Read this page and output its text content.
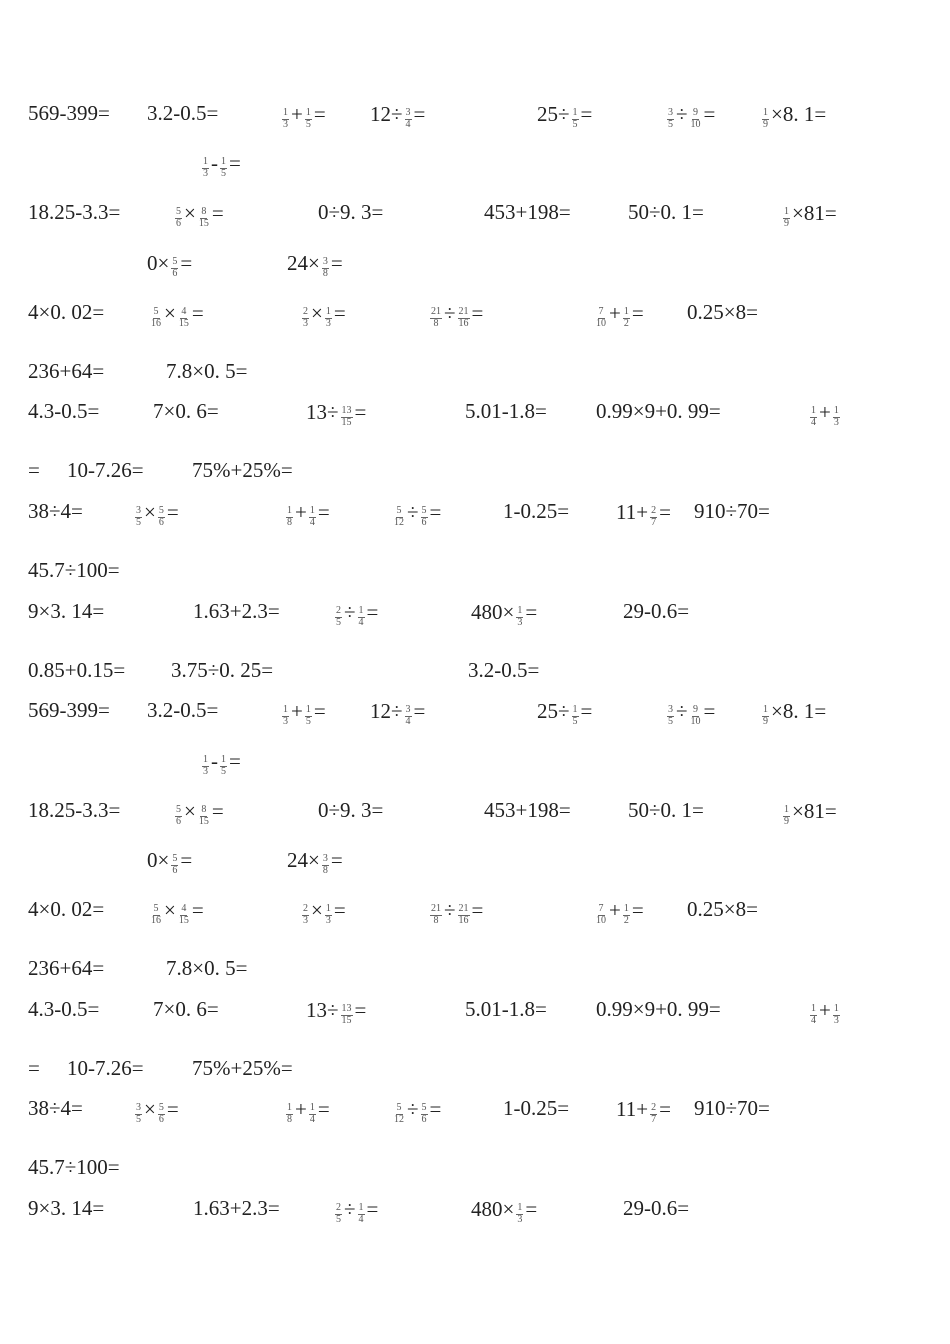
569-399= 3.2-0.5=	$\frac{1}{3} + \frac{1}{5} = 12\div \frac{3}{4}$ =	$25\div \frac{1}{5}$ =	$\frac{3}{5} \div \frac{9}{10}$ =	$\frac{1}{9} \times 8$. 1=
$\frac{1}{3} - \frac{1}{5}$ =
18.25-3.3=	$\frac{5}{6} \times \frac{8}{15}$ =	0÷9. 3=	453+198=	50÷0. 1=	$\frac{1}{9} \times 81=$
$0\times \frac{5}{6}$ =	$24\times \frac{3}{8}$ =
4×0. 02=	$\frac{5}{16} \times \frac{4}{15}$ =	$\frac{2}{3} \times \frac{1}{3}$ =	$\frac{21}{8} \div \frac{21}{16}$ =	$\frac{7}{10} + \frac{1}{2} = 0.25\times 8=$
236+64=	7.8×0. 5=
4.3-0.5=	7×0. 6=	$13\div \frac{13}{15}$ =	5.01-1.8= 0.99×9+0. 99=	$\frac{1}{4} + \frac{1}{3}$
= 10-7.26= 75%+25%=
38÷4=	$\frac{3}{5} \times \frac{5}{6}$ =	$\frac{1}{8} + \frac{1}{4}$ =	$\frac{5}{12} \div \frac{5}{6}$ =	$1-0.25= 11+ \frac{2}{7} = 910\div 70=$
45.7÷100=
9×3. 14=	1.63+2.3=	$\frac{2}{5} \div \frac{1}{4}$ =	$480\times \frac{1}{3}$ =	29-0.6=
0.85+0.15= 3.75÷0. 25=	3.2-0.5=
569-399= 3.2-0.5=	$\frac{1}{3} + \frac{1}{5} = 12\div \frac{3}{4}$ =	$25\div \frac{1}{5}$ =	$\frac{3}{5} \div \frac{9}{10}$ =	$\frac{1}{9} \times 8$. 1=
$\frac{1}{3} - \frac{1}{5}$ =
18.25-3.3=	$\frac{5}{6} \times \frac{8}{15}$ =	0÷9. 3=	453+198=	50÷0. 1=	$\frac{1}{9} \times 81=$
$0\times \frac{5}{6}$ =	$24\times \frac{3}{8}$ =
4×0. 02=	$\frac{5}{16} \times \frac{4}{15}$ =	$\frac{2}{3} \times \frac{1}{3}$ =	$\frac{21}{8} \div \frac{21}{16}$ =	$\frac{7}{10} + \frac{1}{2} = 0.25\times 8=$
236+64=	7.8×0. 5=
4.3-0.5=	7×0. 6=	$13\div \frac{13}{15}$ =	5.01-1.8= 0.99×9+0. 99=	$\frac{1}{4} + \frac{1}{3}$
= 10-7.26= 75%+25%=
38÷4=	$\frac{3}{5} \times \frac{5}{6}$ =	$\frac{1}{8} + \frac{1}{4}$ =	$\frac{5}{12} \div \frac{5}{6}$ =	$1-0.25= 11+ \frac{2}{7} = 910\div 70=$
45.7÷100=
9×3. 14=	1.63+2.3=	$\frac{2}{5} \div \frac{1}{4}$ =	$480\times \frac{1}{3}$ =	29-0.6=
